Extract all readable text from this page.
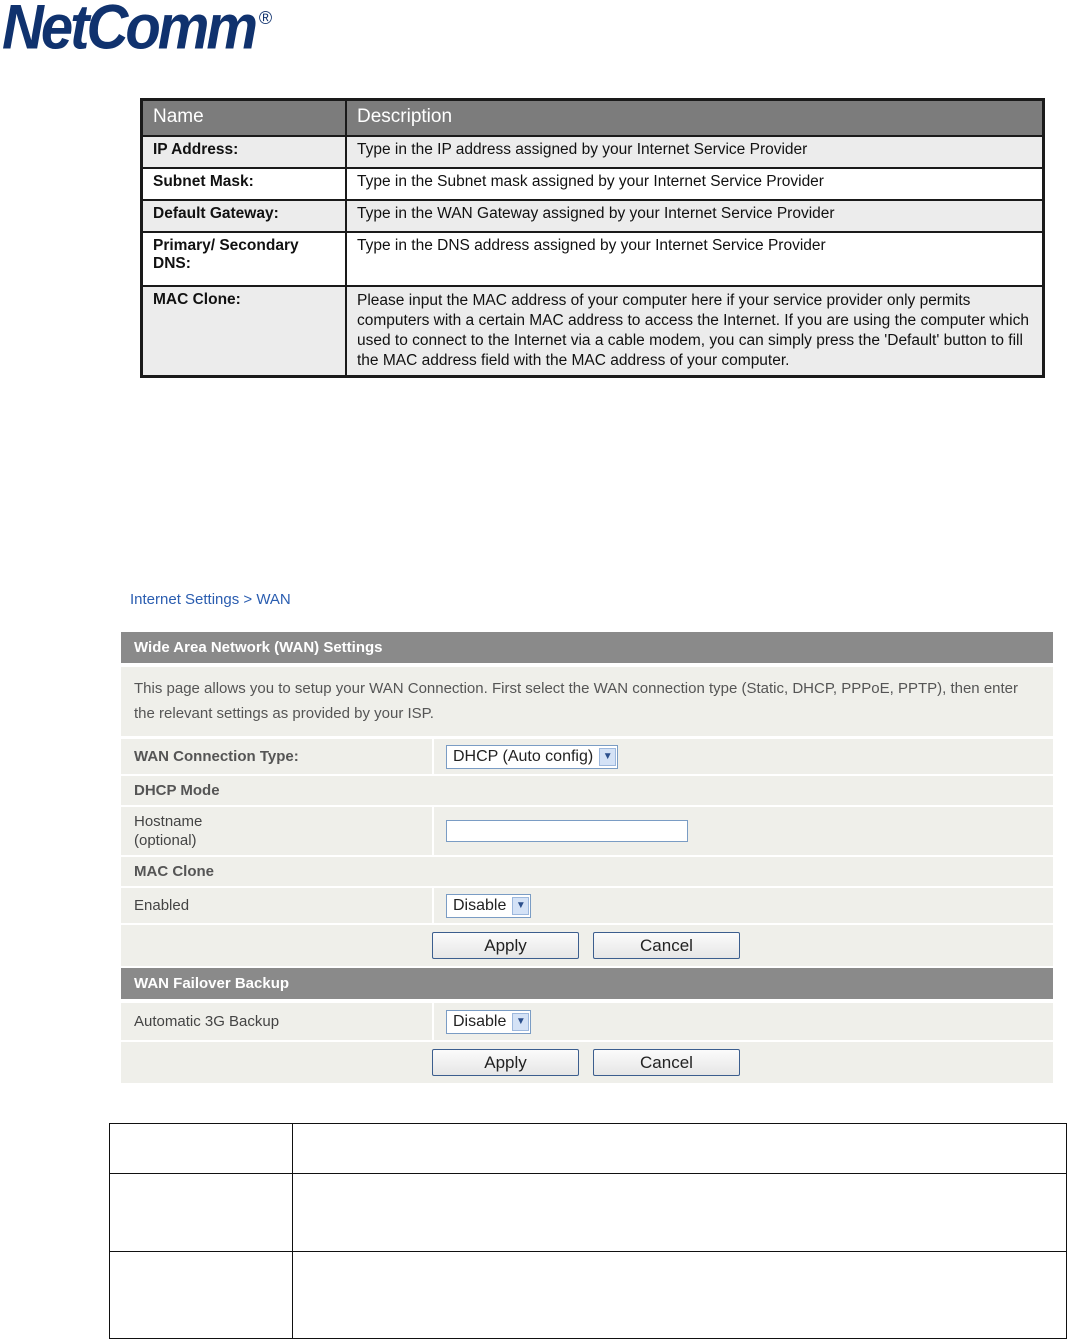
NetComm ®
Name	Description
IP Address:	Type in the IP address assigned by your Internet Service Provider
Subnet Mask:	Type in the Subnet mask assigned by your Internet Service Provider
Default Gateway:	Type in the WAN Gateway assigned by your Internet Service Provider
Primary/ Secondary DNS:	Type in the DNS address assigned by your Internet Service Provider
MAC Clone:	Please input the MAC address of your computer here if your service provider only permits computers with a certain MAC address to access the Internet. If you are using the computer which used to connect to the Internet via a cable modem, you can simply press the 'Default' button to fill the MAC address field with the MAC address of your computer.
Internet Settings > WAN
Wide Area Network (WAN) Settings
This page allows you to setup your WAN Connection. First select the WAN connection type (Static, DHCP, PPPoE, PPTP), then enter the relevant settings as provided by your ISP.
WAN Connection Type:	DHCP (Auto config) ▼
DHCP Mode
Hostname
(optional)
MAC Clone
Enabled	Disable ▼
Apply	Cancel
WAN Failover Backup
Automatic 3G Backup	Disable ▼
Apply	Cancel
